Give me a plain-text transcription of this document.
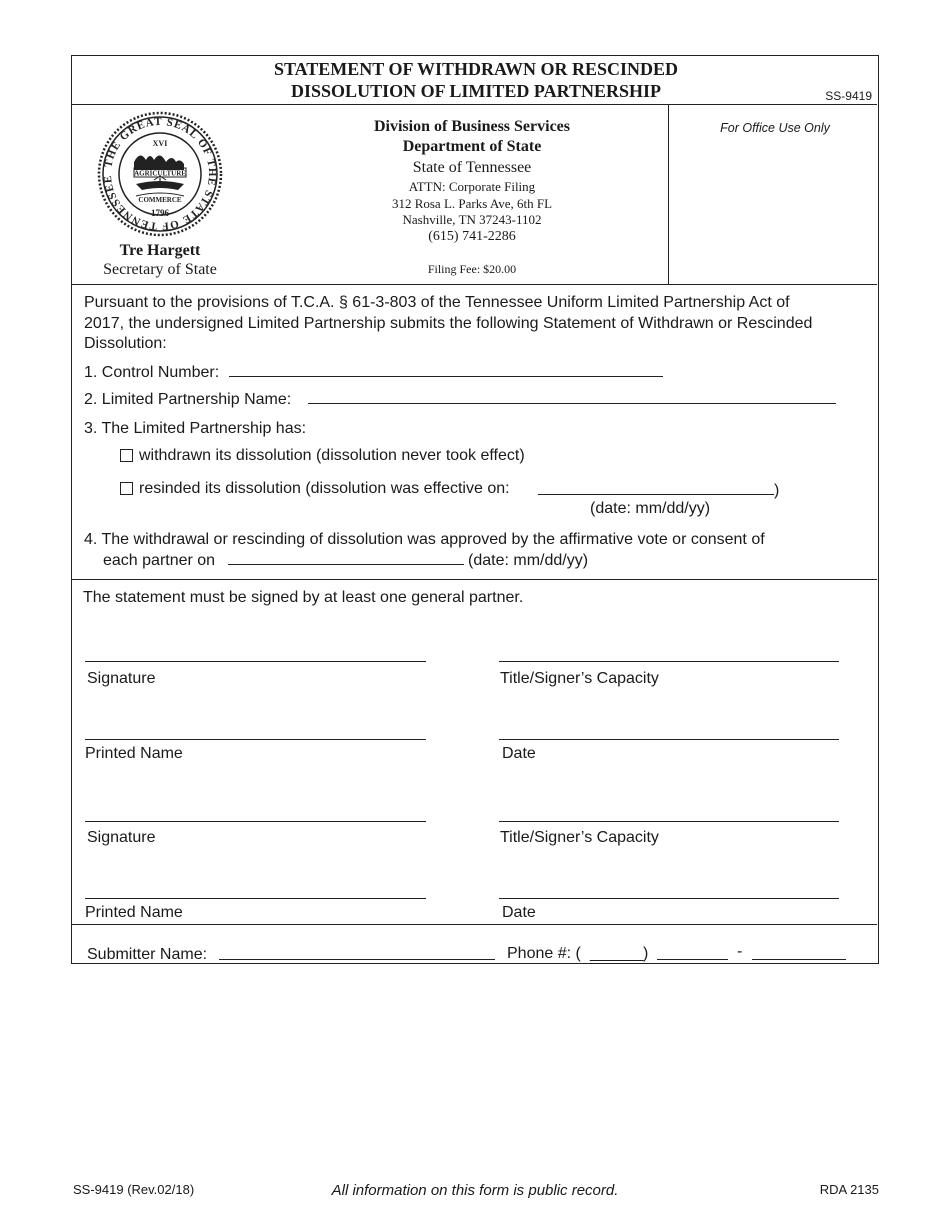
STATEMENT OF WITHDRAWN OR RESCINDED
DISSOLUTION OF LIMITED PARTNERSHIP	SS-9419
THE GREAT SEAL OF THE STATE OF TENNESSEE
XVI
AGRICULTURE
COMMERCE
1796
Tre Hargett
Secretary of State
Division of Business Services
Department of State
State of Tennessee
ATTN: Corporate Filing
312 Rosa L. Parks Ave, 6th FL
Nashville, TN 37243-1102
(615) 741-2286
Filing Fee: $20.00
For Office Use Only
Pursuant to the provisions of T.C.A. § 61-3-803 of the Tennessee Uniform Limited Partnership Act of
2017, the undersigned Limited Partnership submits the following Statement of Withdrawn or Rescinded
Dissolution:
1. Control Number:
2. Limited Partnership Name:
3. The Limited Partnership has:
withdrawn its dissolution (dissolution never took effect)
resinded its dissolution (dissolution was effective on:	)
(date: mm/dd/yy)
4. The withdrawal or rescinding of dissolution was approved by the affirmative vote or consent of
each partner on	(date: mm/dd/yy)
The statement must be signed by at least one general partner.
Signature	Title/Signer’s Capacity
Printed Name	Date
Signature	Title/Signer’s Capacity
Printed Name	Date
Submitter Name:	Phone #: ( ______ )	-
SS-9419 (Rev.02/18)	All information on this form is public record.	RDA 2135
